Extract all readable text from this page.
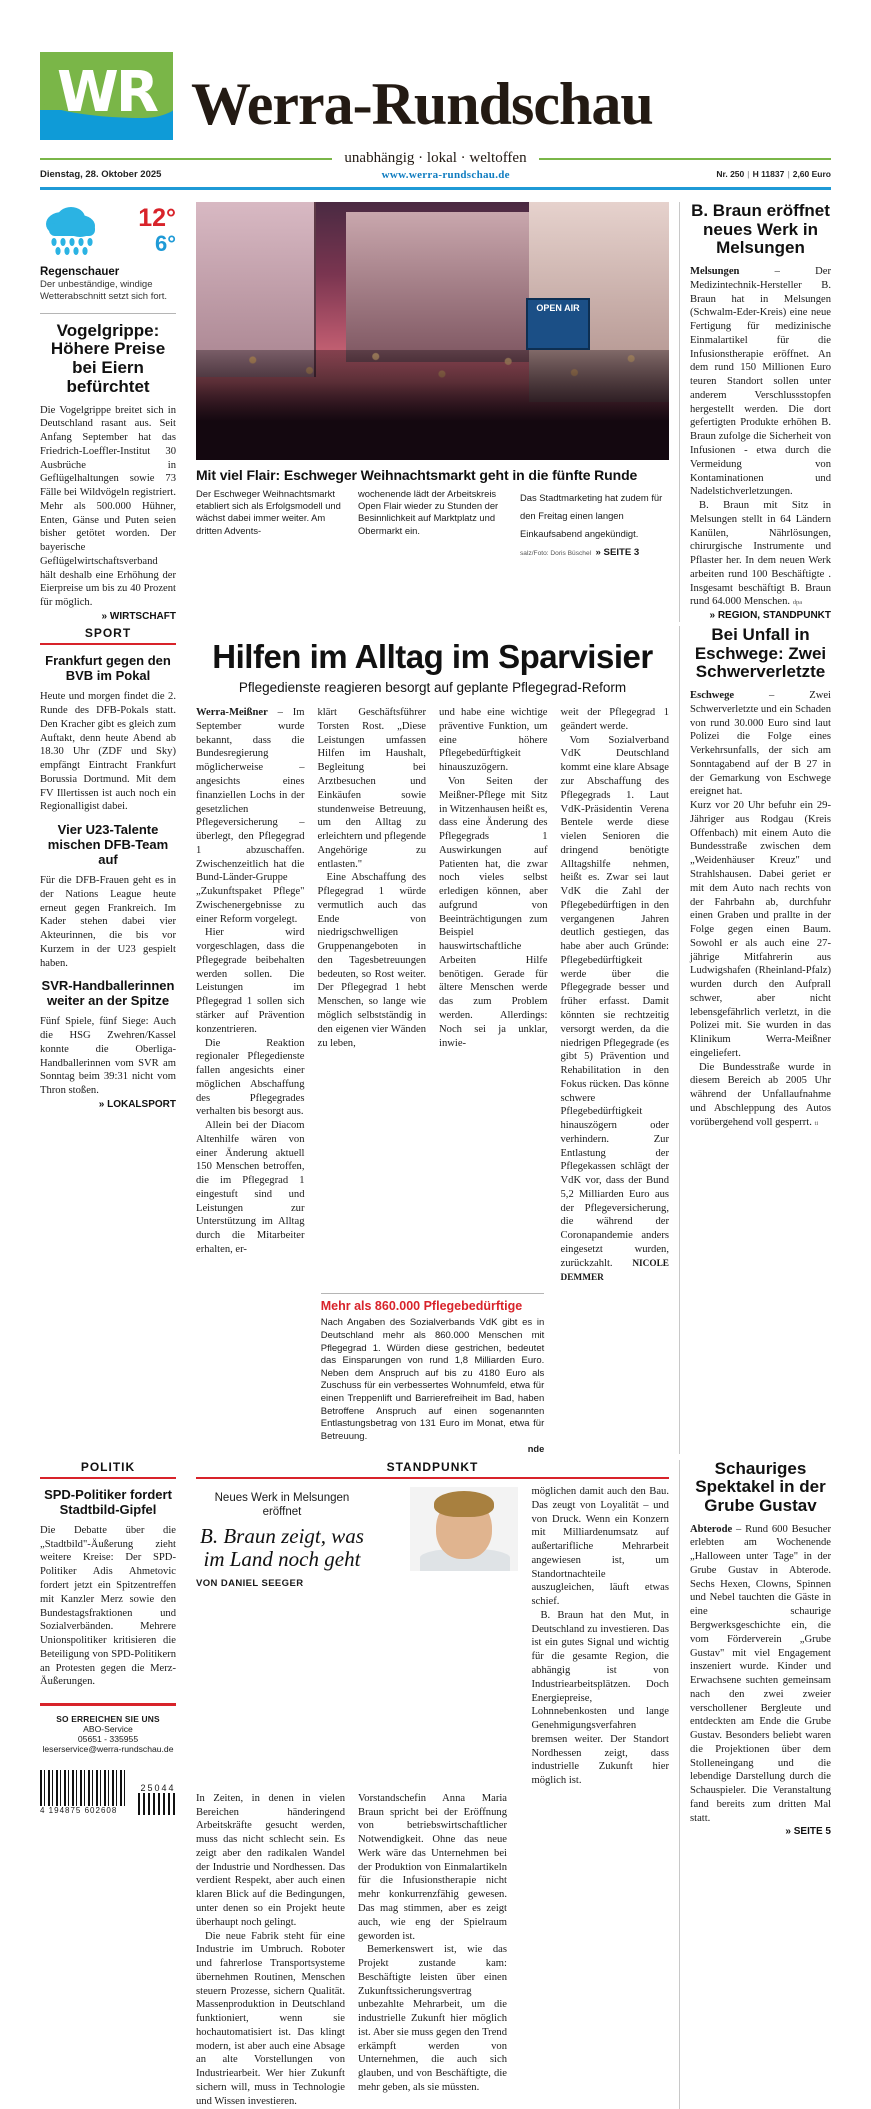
WR Werra-Rundschau
unabhängig · lokal · weltoffen
Dienstag, 28. Oktober 2025	www.werra-rundschau.de	Nr. 250 | H 11837 | 2,60 Euro
12°
6°
Regenschauer
Der unbeständige, windige Wetterabschnitt setzt sich fort.
Vogelgrippe: Höhere Preise bei Eiern befürchtet
Die Vogelgrippe breitet sich in Deutschland rasant aus. Seit Anfang September hat das Friedrich-Loeffler-Institut 30 Ausbrüche in Geflügelhaltungen sowie 73 Fälle bei Wildvögeln registriert. Mehr als 500.000 Hühner, Enten, Gänse und Puten seien bisher getötet worden. Der bayerische Geflügelwirtschaftsverband hält deshalb eine Erhöhung der Eierpreise um bis zu 40 Prozent für möglich.
» WIRTSCHAFT
OPEN AIR
Mit viel Flair: Eschweger Weihnachtsmarkt geht in die fünfte Runde
Der Eschweger Weihnachtsmarkt etabliert sich als Erfolgsmodell und wächst dabei immer weiter. Am dritten Advents-
wochenende lädt der Arbeitskreis Open Flair wieder zu Stunden der Besinnlichkeit auf Marktplatz und Obermarkt ein.
Das Stadtmarketing hat zudem für den Freitag einen langen Einkaufsabend angekündigt. salz/Foto: Doris Büschel » SEITE 3
B. Braun eröffnet neues Werk in Melsungen
Melsungen – Der Medizintechnik-Hersteller B. Braun hat in Melsungen (Schwalm-Eder-Kreis) eine neue Fertigung für medizinische Einmalartikel für die Infusionstherapie eröffnet. An dem rund 150 Millionen Euro teuren Standort sollen unter anderem Verschlussstopfen hergestellt werden. Die dort gefertigten Produkte erhöhen B. Braun zufolge die Sicherheit von Infusionen - etwa durch die Vermeidung von Kontaminationen und Nadelstichverletzungen.
B. Braun mit Sitz in Melsungen stellt in 64 Ländern Kanülen, Nährlösungen, chirurgische Instrumente und Pflaster her. In dem neuen Werk arbeiten rund 100 Beschäftigte . Insgesamt beschäftigt B. Braun rund 64.000 Menschen. dpa
» REGION, STANDPUNKT
SPORT
Frankfurt gegen den BVB im Pokal
Heute und morgen findet die 2. Runde des DFB-Pokals statt. Den Kracher gibt es gleich zum Auftakt, denn heute Abend ab 18.30 Uhr (ZDF und Sky) empfängt Eintracht Frankfurt Borussia Dortmund. Mit dem FV Illertissen ist auch noch ein Regionalligist dabei.
Vier U23-Talente mischen DFB-Team auf
Für die DFB-Frauen geht es in der Nations League heute erneut gegen Frankreich. Im Kader stehen dabei vier Akteurinnen, die bis vor Kurzem in der U23 gespielt haben.
SVR-Handballerinnen weiter an der Spitze
Fünf Spiele, fünf Siege: Auch die HSG Zwehren/Kassel konnte die Oberliga-Handballerinnen vom SVR am Sonntag beim 39:31 nicht vom Thron stoßen.
» LOKALSPORT
Hilfen im Alltag im Sparvisier
Pflegedienste reagieren besorgt auf geplante Pflegegrad-Reform

Werra-Meißner – Im September wurde bekannt, dass die Bundesregierung möglicherweise – angesichts eines finanziellen Lochs in der gesetzlichen Pflegeversicherung – überlegt, den Pflegegrad 1 abzuschaffen. Zwischenzeitlich hat die Bund-Länder-Gruppe „Zukunftspaket Pflege" Zwischenergebnisse zu einer Reform vorgelegt.

Hier wird vorgeschlagen, dass die Pflegegrade beibehalten werden sollen. Die Leistungen im Pflegegrad 1 sollen sich stärker auf Prävention konzentrieren.

Die Reaktion regionaler Pflegedienste fallen angesichts einer möglichen Abschaffung des Pflegegrades verhalten bis besorgt aus.

Allein bei der Diacom Altenhilfe wären von einer Änderung aktuell 150 Menschen betroffen, die im Pflegegrad 1 eingestuft sind und Leistungen zur Unterstützung im Alltag durch die Mitarbeiter erhalten, er-

klärt Geschäftsführer Torsten Rost. „Diese Leistungen umfassen Hilfen im Haushalt, Begleitung bei Arztbesuchen und Einkäufen sowie stundenweise Betreuung, um den Alltag zu erleichtern und pflegende Angehörige zu entlasten."

Eine Abschaffung des Pflegegrad 1 würde vermutlich auch das Ende von niedrigschwelligen Gruppenangeboten in den Tagesbetreuungen bedeuten, so Rost weiter. Der Pflegegrad 1 hebt Menschen, so lange wie möglich selbstständig in den eigenen vier Wänden zu leben,

und habe eine wichtige präventive Funktion, um eine höhere Pflegebedürftigkeit hinauszuzögern.

Von Seiten der Meißner-Pflege mit Sitz in Witzenhausen heißt es, dass eine Änderung des Pflegegrads 1 Auswirkungen auf Patienten hat, die zwar noch vieles selbst erledigen können, aber aufgrund von Beeinträchtigungen zum Beispiel hauswirtschaftliche Arbeiten Hilfe benötigen. Gerade für ältere Menschen werde das zum Problem werden. Allerdings: Noch sei ja unklar, inwie-

weit der Pflegegrad 1 geändert werde.

Vom Sozialverband VdK Deutschland kommt eine klare Absage zur Abschaffung des Pflegegrads 1. Laut VdK-Präsidentin Verena Bentele werde diese vielen Senioren die dringend benötigte Alltagshilfe nehmen, heißt es. Zwar sei laut VdK die Zahl der Pflegebedürftigen in den vergangenen Jahren deutlich gestiegen, das habe aber auch Gründe: Pflegebedürftigkeit werde über die Pflegegrade besser und früher erfasst. Damit könnten sie rechtzeitig versorgt werden, da die niedrigen Pflegegrade (es gibt 5) Prävention und Rehabilitation in den Fokus rücken. Das könne schwere Pflegebedürftigkeit hinauszögern oder verhindern. Zur Entlastung der Pflegekassen schlägt der VdK vor, dass der Bund 5,2 Milliarden Euro aus der Pflegeversicherung, die während der Coronapandemie anders eingesetzt wurden, zurückzahlt. NICOLE DEMMER

Mehr als 860.000 Pflegebedürftige
Nach Angaben des Sozialverbands VdK gibt es in Deutschland mehr als 860.000 Menschen mit Pflegegrad 1. Würden diese gestrichen, bedeutet das Einsparungen von rund 1,8 Milliarden Euro. Neben dem Anspruch auf bis zu 4180 Euro als Zuschuss für ein verbessertes Wohnumfeld, etwa für einen Treppenlift und Barrierefreiheit im Bad, haben Betroffene Anspruch auf einen sogenannten Entlastungsbetrag von 131 Euro im Monat, etwa für Betreuung.
nde
Bei Unfall in Eschwege: Zwei Schwerverletzte
Eschwege – Zwei Schwerverletzte und ein Schaden von rund 30.000 Euro sind laut Polizei die Folge eines Verkehrsunfalls, der sich am Sonntagabend auf der B 27 in der Gemarkung von Eschwege ereignet hat.

Kurz vor 20 Uhr befuhr ein 29-Jähriger aus Rodgau (Kreis Offenbach) mit einem Auto die Bundesstraße zwischen dem „Weidenhäuser Kreuz" und Strahlshausen. Dabei geriet er mit dem Auto nach rechts von der Fahrbahn ab, durchfuhr einen Graben und prallte in der Folge gegen einen Baum. Sowohl er als auch eine 27-jährige Mitfahrerin aus Ludwigshafen (Rheinland-Pfalz) wurden durch den Aufprall schwer, aber nicht lebensgefährlich verletzt, in die Polizei mit. Sie wurden in das Klinikum Werra-Meißner eingeliefert.

Die Bundesstraße wurde in diesem Bereich ab 2005 Uhr während der Unfallaufnahme und Abschleppung des Autos vorübergehend voll gesperrt. ti

POLITIK
SPD-Politiker fordert Stadtbild-Gipfel
Die Debatte über die „Stadtbild"-Äußerung zieht weitere Kreise: Der SPD-Politiker Adis Ahmetovic fordert jetzt ein Spitzentreffen mit Kanzler Merz sowie den Bundestagsfraktionen und Sozialverbänden. Mehrere Unionspolitiker kritisieren die Beteiligung von SPD-Politikern an Protesten gegen die Merz-Äußerungen.
SO ERREICHEN SIE UNS
ABO-Service
05651 - 335955
leserservice@werra-rundschau.de
4 194875 602608
25044
STANDPUNKT
Neues Werk in Melsungen eröffnet
B. Braun zeigt, was im Land noch geht
VON DANIEL SEEGER

möglichen damit auch den Bau. Das zeugt von Loyalität – und von Druck. Wenn ein Konzern mit Milliardenumsatz auf außertarifliche Mehrarbeit angewiesen ist, um Standortnachteile auszugleichen, läuft etwas schief.

B. Braun hat den Mut, in Deutschland zu investieren. Das ist ein gutes Signal und wichtig für die gesamte Region, die abhängig ist von Industriearbeitsplätzen. Doch Energiepreise, Lohnnebenkosten und lange Genehmigungsverfahren bremsen weiter. Der Standort Nordhessen zeigt, dass industrielle Zukunft hier möglich ist.

In Zeiten, in denen in vielen Bereichen händeringend Arbeitskräfte gesucht werden, muss das nicht schlecht sein. Es zeigt aber den radikalen Wandel der Industrie und Nordhessen. Das verdient Respekt, aber auch einen klaren Blick auf die Bedingungen, unter denen so ein Projekt heute überhaupt noch gelingt.

Die neue Fabrik steht für eine Industrie im Umbruch. Roboter und fahrerlose Transportsysteme übernehmen Routinen, Menschen steuern Prozesse, sichern Qualität. Massenproduktion in Deutschland funktioniert, wenn sie hochautomatisiert ist. Das klingt modern, ist aber auch eine Absage an alte Vorstellungen von Industriearbeit. Wer hier Zukunft sichern will, muss in Technologie und Wissen investieren.

Vorstandschefin Anna Maria Braun spricht bei der Eröffnung von betriebswirtschaftlicher Notwendigkeit. Ohne das neue Werk wäre das Unternehmen bei der Produktion von Einmalartikeln für die Infusionstherapie nicht mehr konkurrenzfähig gewesen. Das mag stimmen, aber es zeigt auch, wie eng der Spielraum geworden ist.

Bemerkenswert ist, wie das Projekt zustande kam: Beschäftigte leisten über einen Zukunftssicherungsvertrag unbezahlte Mehrarbeit, um die industrielle Zukunft hier möglich ist. Aber sie muss gegen den Trend erkämpft werden von Unternehmen, die auch sich glauben, und von Beschäftigte, die mehr geben, als sie müssten.

Schauriges Spektakel in der Grube Gustav
Abterode – Rund 600 Besucher erlebten am Wochenende „Halloween unter Tage" in der Grube Gustav in Abterode. Sechs Hexen, Clowns, Spinnen und Nebel tauchten die Gäste in eine schaurige Bergwerksgeschichte ein, die vom Förderverein „Grube Gustav" mit viel Engagement inszeniert wurde. Kinder und Erwachsene suchten gemeinsam nach den zwei zweier verschollener Bergleute und entdeckten am Ende die Grube Gustav. Besonders beliebt waren die Projektionen über dem Stolleneingang und die lebendige Darstellung durch die Schauspieler. Die Veranstaltung fand bereits zum dritten Mal statt.
» SEITE 5
